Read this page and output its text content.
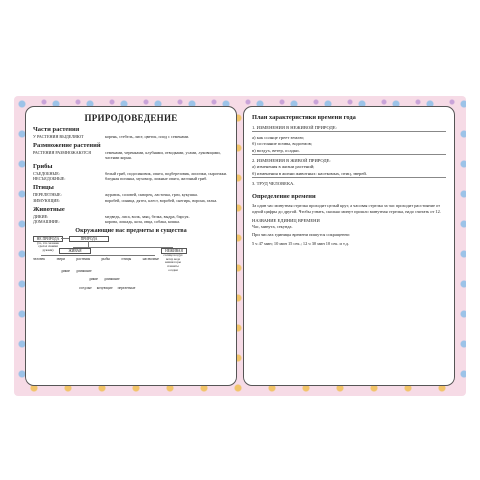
ПРИРОДОВЕДЕНИЕ
Части растения
У РАСТЕНИЯ ВЫДЕЛЯЮТ	корень, стебель, лист, цветок, плод с семенами.
Размножение растений
РАСТЕНИЯ РАЗМНОЖАЮТСЯ	семенами, черенками, клубнями, отводками, усами, луковицами, частями корня.
Грибы
СЪЕДОБНЫЕ:	белый гриб, подосиновик, опята, подберезовик, лисички, сыроежки.
НЕСЪЕДОБНЫЕ:	бледная поганка, мухомор, ложные опята, желчный гриб.
Птицы
ПЕРЕЛЕТНЫЕ:	журавль, соловей, скворец, ласточка, грач, кукушка.
ЗИМУЮЩИЕ:	воробей, синица, дятел, клест, воробей, снегирь, ворона, галка.
Животные
ДИКИЕ:	медведь, лиса, волк, заяц, белка, выдра, барсук.
ДОМАШНИЕ:	корова, лошадь, коза, овца, собака, кошка.
Окружающие нас предметы и существа
ПРИРОДА
НЕ ПРИРОДА
(то, что человек сделал своими руками)	ЖИВАЯ	НЕЖИВАЯ
солнце воздух ветер вода камни горы планеты осадки
человек	звери	растения	рыбы	птицы	насекомые
дикие домашние
дикие домашние
оседлые кочующие перелетные
План характеристики времени года
1. ИЗМЕНЕНИЯ В НЕЖИВОЙ ПРИРОДЕ:
а) как солнце греет землю;
б) состояние почвы, водоемов;
в) воздух, ветер, осадки.
2. ИЗМЕНЕНИЯ В ЖИВОЙ ПРИРОДЕ:
а) изменения в жизни растений;
б) изменения в жизни животных: насекомых, птиц, зверей.
3. ТРУД ЧЕЛОВЕКА.
Определение времени
За один час минутная стрелка проходит целый круг, а часовая стрелка за час проходит расстояние от одной цифры до другой. Чтобы узнать, сколько минут прошло минутная стрелка, надо считать от 12.
НАЗВАНИЕ ЕДИНИЦ ВРЕМЕНИ
Час, минута, секунда.
При числах единицы времени пишутся сокращенно:
5 ч 47 мин; 10 мин 15 сек.; 12 ч 30 мин 10 сек. и т.д.
